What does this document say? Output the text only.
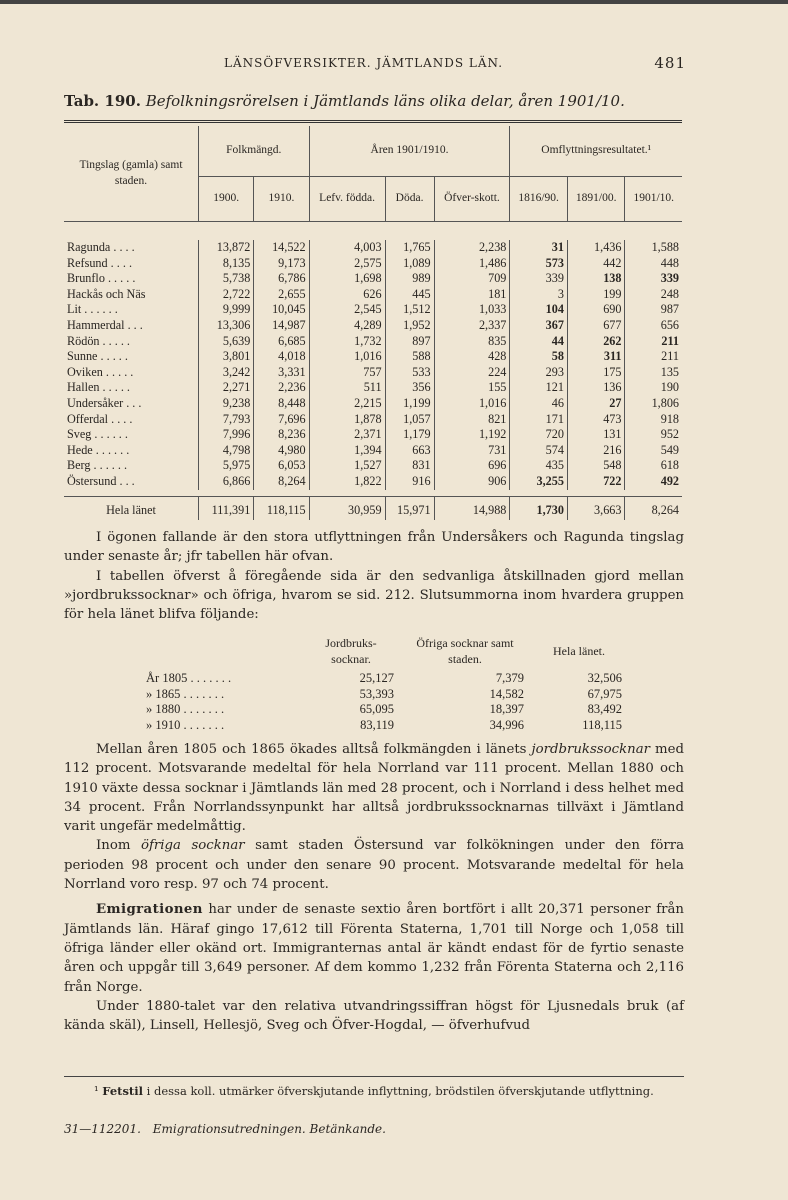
LÄNSÖFVERSIKTER. JÄMTLANDS LÄN.	481
Tab. 190. Befolkningsrörelsen i Jämtlands läns olika delar, åren 1901/10.
Tingslag (gamla) samt staden.	Folkmängd.		Åren 1901/1910.			Omflyttningsresultatet.¹		
	1900.	1910.	Lefv. födda.	Döda.	Öfver-skott.	1816/90.	1891/00.	1901/10.

Ragunda . . . .	13,872	14,522	4,003	1,765	2,238	31	1,436	1,588
Refsund . . . .	8,135	9,173	2,575	1,089	1,486	573	442	448
Brunflo . . . . .	5,738	6,786	1,698	989	709	339	138	339
Hackås och Näs	2,722	2,655	626	445	181	3	199	248
Lit . . . . . .	9,999	10,045	2,545	1,512	1,033	104	690	987
Hammerdal . . .	13,306	14,987	4,289	1,952	2,337	367	677	656
Rödön . . . . .	5,639	6,685	1,732	897	835	44	262	211
Sunne . . . . .	3,801	4,018	1,016	588	428	58	311	211
Oviken . . . . .	3,242	3,331	757	533	224	293	175	135
Hallen . . . . .	2,271	2,236	511	356	155	121	136	190
Undersåker . . .	9,238	8,448	2,215	1,199	1,016	46	27	1,806
Offerdal . . . .	7,793	7,696	1,878	1,057	821	171	473	918
Sveg . . . . . .	7,996	8,236	2,371	1,179	1,192	720	131	952
Hede . . . . . .	4,798	4,980	1,394	663	731	574	216	549
Berg . . . . . .	5,975	6,053	1,527	831	696	435	548	618
Östersund . . .	6,866	8,264	1,822	916	906	3,255	722	492

Hela länet	111,391	118,115	30,959	15,971	14,988	1,730	3,663	8,264

I ögonen fallande är den stora utflyttningen från Undersåkers och Ragunda tingslag under senaste år; jfr tabellen här ofvan.

I tabellen öfverst å föregående sida är den sedvanliga åtskillnaden gjord mellan »jordbrukssocknar» och öfriga, hvarom se sid. 212. Slutsummorna inom hvardera gruppen för hela länet blifva följande:

	Jordbruks-socknar.	Öfriga socknar samt staden.	Hela länet.

År 1805 . . . . . . .	25,127	7,379	32,506
» 1865 . . . . . . .	53,393	14,582	67,975
» 1880 . . . . . . .	65,095	18,397	83,492
» 1910 . . . . . . .	83,119	34,996	118,115

Mellan åren 1805 och 1865 ökades alltså folkmängden i länets jordbrukssocknar med 112 procent. Motsvarande medeltal för hela Norrland var 111 procent. Mellan 1880 och 1910 växte dessa socknar i Jämtlands län med 28 procent, och i Norrland i dess helhet med 34 procent. Från Norrlandssynpunkt har alltså jordbrukssocknarnas tillväxt i Jämtland varit ungefär medelmåttig.

Inom öfriga socknar samt staden Östersund var folkökningen under den förra perioden 98 procent och under den senare 90 procent. Motsvarande medeltal för hela Norrland voro resp. 97 och 74 procent.

Emigrationen har under de senaste sextio åren bortfört i allt 20,371 personer från Jämtlands län. Häraf gingo 17,612 till Förenta Staterna, 1,701 till Norge och 1,058 till öfriga länder eller okänd ort. Immigranternas antal är kändt endast för de fyrtio senaste åren och uppgår till 3,649 personer. Af dem kommo 1,232 från Förenta Staterna och 2,116 från Norge.

Under 1880-talet var den relativa utvandringssiffran högst för Ljusnedals bruk (af kända skäl), Linsell, Hellesjö, Sveg och Öfver-Hogdal, — öfverhufvud

¹ Fetstil i dessa koll. utmärker öfverskjutande inflyttning, brödstilen öfverskjutande utflyttning.
31—112201. Emigrationsutredningen. Betänkande.
